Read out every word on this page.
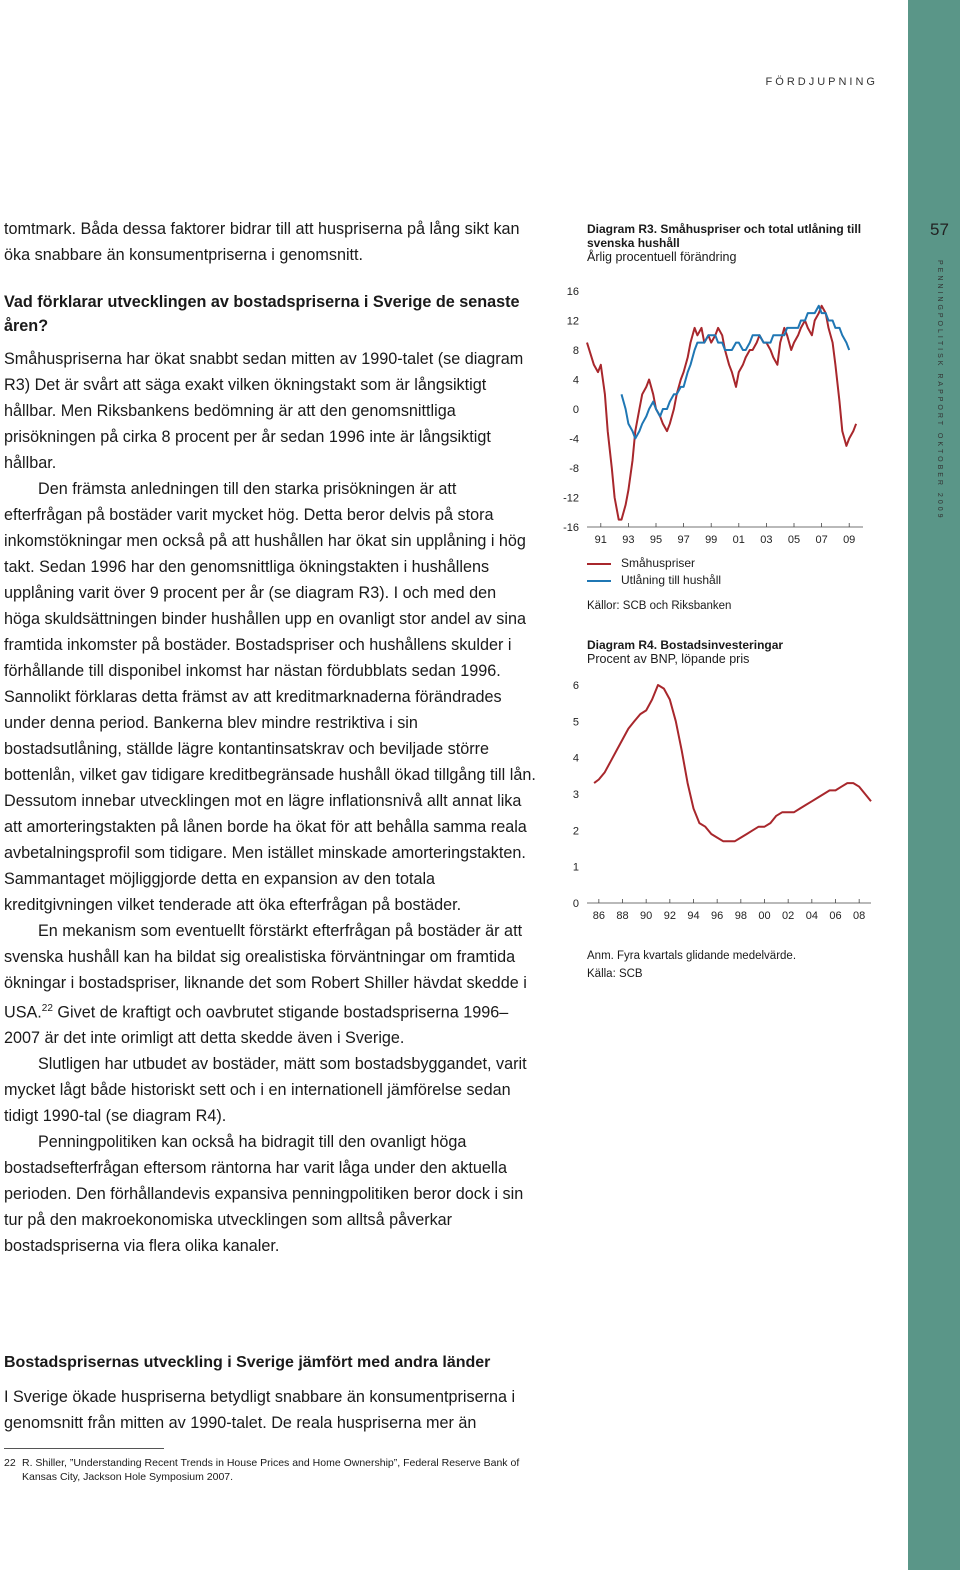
FÖRDJUPNING
57
PENNINGPOLITISK RAPPORT OKTOBER 2009

tomtmark. Båda dessa faktorer bidrar till att huspriserna på lång sikt kan öka snabbare än konsumentpriserna i genomsnitt.

Vad förklarar utvecklingen av bostadspriserna i Sverige de senaste åren?

Småhuspriserna har ökat snabbt sedan mitten av 1990-talet (se diagram R3) Det är svårt att säga exakt vilken ökningstakt som är långsiktigt hållbar. Men Riksbankens bedömning är att den genomsnittliga prisökningen på cirka 8 procent per år sedan 1996 inte är långsiktigt hållbar.

Den främsta anledningen till den starka prisökningen är att efterfrågan på bostäder varit mycket hög. Detta beror delvis på stora inkomstökningar men också på att hushållen har ökat sin upplåning i hög takt. Sedan 1996 har den genomsnittliga ökningstakten i hushållens upplåning varit över 9 procent per år (se diagram R3). I och med den höga skuldsättningen binder hushållen upp en ovanligt stor andel av sina framtida inkomster på bostäder. Bostadspriser och hushållens skulder i förhållande till disponibel inkomst har nästan fördubblats sedan 1996. Sannolikt förklaras detta främst av att kreditmarknaderna förändrades under denna period. Bankerna blev mindre restriktiva i sin bostadsutlåning, ställde lägre kontantinsatskrav och beviljade större bottenlån, vilket gav tidigare kreditbegränsade hushåll ökad tillgång till lån. Dessutom innebar utvecklingen mot en lägre inflationsnivå allt annat lika att amorteringstakten på lånen borde ha ökat för att behålla samma reala avbetalningsprofil som tidigare. Men istället minskade amorteringstakten. Sammantaget möjliggjorde detta en expansion av den totala kreditgivningen vilket tenderade att öka efterfrågan på bostäder.

En mekanism som eventuellt förstärkt efterfrågan på bostäder är att svenska hushåll kan ha bildat sig orealistiska förväntningar om framtida ökningar i bostadspriser, liknande det som Robert Shiller hävdat skedde i USA.$^{22}$ Givet de kraftigt och oavbrutet stigande bostadspriserna 1996–2007 är det inte orimligt att detta skedde även i Sverige.

Slutligen har utbudet av bostäder, mätt som bostadsbyggandet, varit mycket lågt både historiskt sett och i en internationell jämförelse sedan tidigt 1990-tal (se diagram R4).

Penningpolitiken kan också ha bidragit till den ovanligt höga bostadsefterfrågan eftersom räntorna har varit låga under den aktuella perioden. Den förhållandevis expansiva penningpolitiken beror dock i sin tur på den makroekonomiska utvecklingen som alltså påverkar bostadspriserna via flera olika kanaler.

Bostadsprisernas utveckling i Sverige jämfört med andra länder

I Sverige ökade huspriserna betydligt snabbare än konsumentpriserna i genomsnitt från mitten av 1990-talet. De reala huspriserna mer än

22 R. Shiller, ”Understanding Recent Trends in House Prices and Home Ownership”, Federal Reserve Bank of Kansas City, Jackson Hole Symposium 2007.
Diagram R3. Småhuspriser och total utlåning till svenska hushåll
Årlig procentuell förändring
16
12
8
4
0
-4
-8
-12
-16
91 93 95 97 99 01 03 05 07 09
Småhuspriser
Utlåning till hushåll
Källor: SCB och Riksbanken
Diagram R4. Bostadsinvesteringar
Procent av BNP, löpande pris
6
5
4
3
2
1
0
86 88 90 92 94 96 98 00 02 04 06 08
Anm. Fyra kvartals glidande medelvärde.
Källa: SCB
